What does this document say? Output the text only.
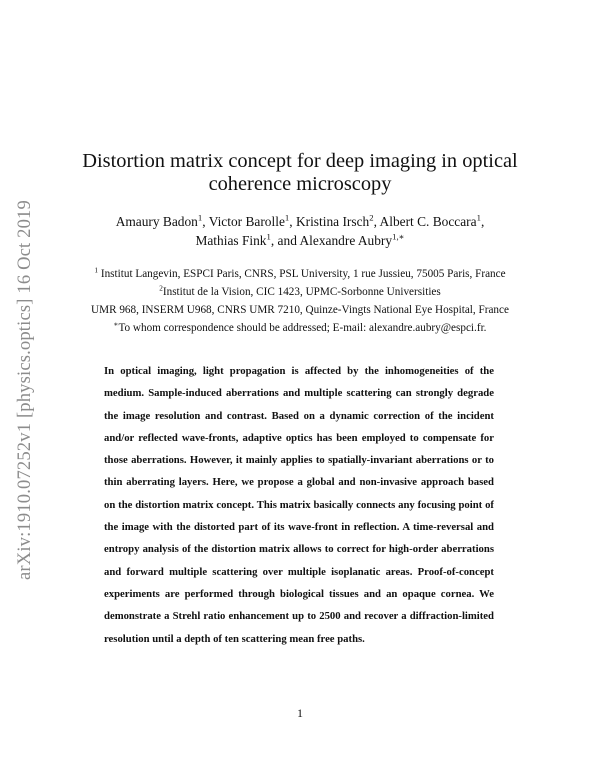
arXiv:1910.07252v1 [physics.optics] 16 Oct 2019
Distortion matrix concept for deep imaging in optical
coherence microscopy
Amaury Badon$^1$, Victor Barolle$^1$, Kristina Irsch$^2$, Albert C. Boccara$^1$,
Mathias Fink$^1$, and Alexandre Aubry$^{1,∗}$
$^1$ Institut Langevin, ESPCI Paris, CNRS, PSL University, 1 rue Jussieu, 75005 Paris, France
$^2$Institut de la Vision, CIC 1423, UPMC-Sorbonne Universities
UMR 968, INSERM U968, CNRS UMR 7210, Quinze-Vingts National Eye Hospital, France
∗To whom correspondence should be addressed; E-mail: alexandre.aubry@espci.fr.

In optical imaging, light propagation is affected by the inhomogeneities of the medium. Sample-induced aberrations and multiple scattering can strongly degrade the image resolution and contrast. Based on a dynamic correction of the incident and/or reflected wave-fronts, adaptive optics has been employed to compensate for those aberrations. However, it mainly applies to spatially-invariant aberrations or to thin aberrating layers. Here, we propose a global and non-invasive approach based on the distortion matrix concept. This matrix basically connects any focusing point of the image with the distorted part of its wave-front in reflection. A time-reversal and entropy analysis of the distortion matrix allows to correct for high-order aberrations and forward multiple scattering over multiple isoplanatic areas. Proof-of-concept experiments are performed through biological tissues and an opaque cornea. We demonstrate a Strehl ratio enhancement up to 2500 and recover a diffraction-limited resolution until a depth of ten scattering mean free paths.

1
